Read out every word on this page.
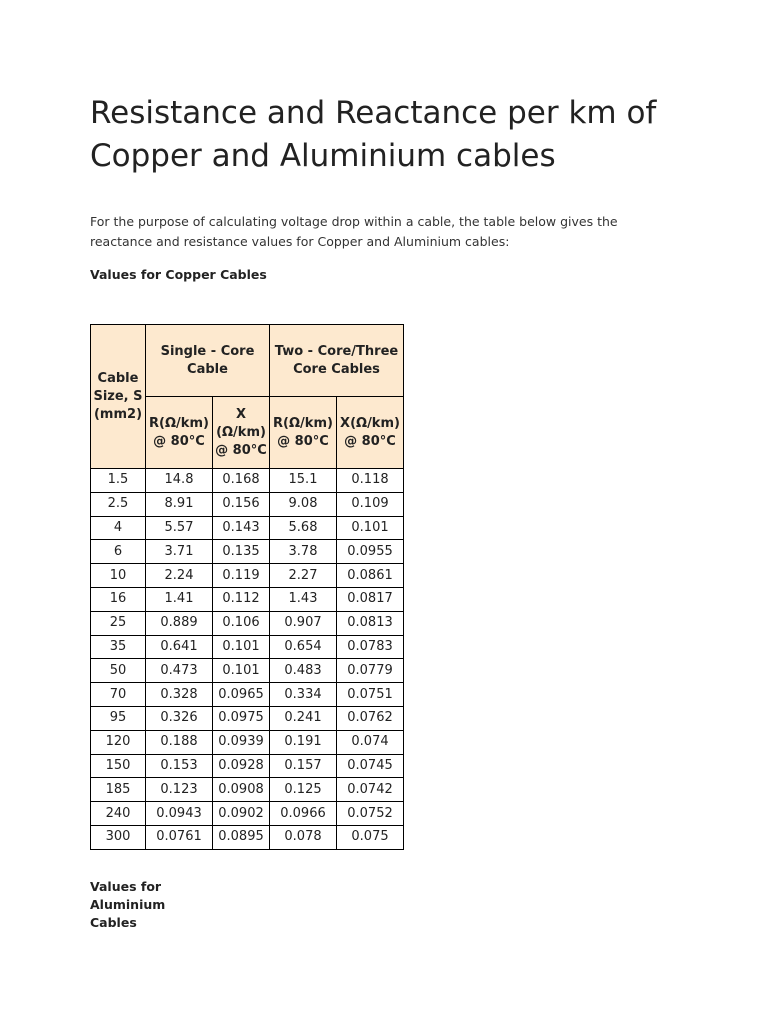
Resistance and Reactance per km of Copper and Aluminium cables

For the purpose of calculating voltage drop within a cable, the table below gives the reactance and resistance values for Copper and Aluminium cables:

Values for Copper Cables

Cable Size, S (mm2)	Single - Core Cable		Two - Core/Three Core Cables	
	R(Ω/km) @ 80°C	X (Ω/km) @ 80°C	R(Ω/km) @ 80°C	X(Ω/km) @ 80°C
1.5	14.8	0.168	15.1	0.118
2.5	8.91	0.156	9.08	0.109
4	5.57	0.143	5.68	0.101
6	3.71	0.135	3.78	0.0955
10	2.24	0.119	2.27	0.0861
16	1.41	0.112	1.43	0.0817
25	0.889	0.106	0.907	0.0813
35	0.641	0.101	0.654	0.0783
50	0.473	0.101	0.483	0.0779
70	0.328	0.0965	0.334	0.0751
95	0.326	0.0975	0.241	0.0762
120	0.188	0.0939	0.191	0.074
150	0.153	0.0928	0.157	0.0745
185	0.123	0.0908	0.125	0.0742
240	0.0943	0.0902	0.0966	0.0752
300	0.0761	0.0895	0.078	0.075

Values for Aluminium Cables
